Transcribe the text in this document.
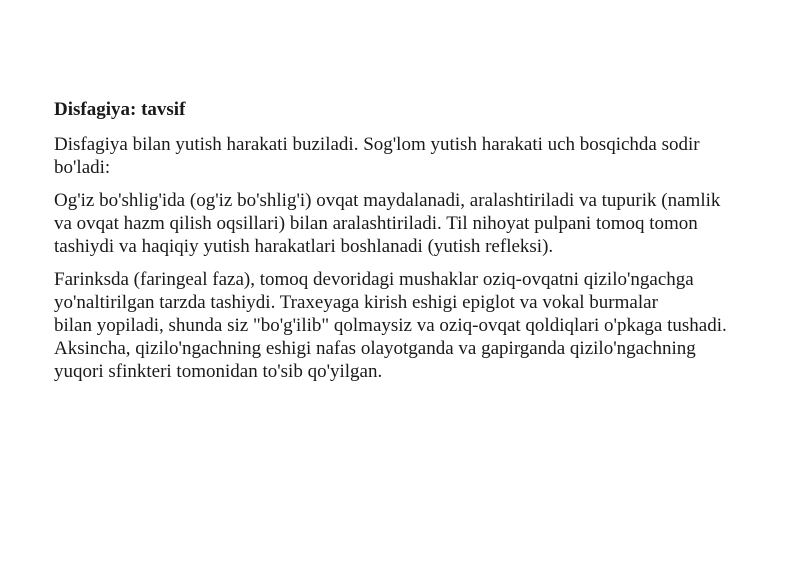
Disfagiya: tavsif

Disfagiya bilan yutish harakati buziladi. Sog'lom yutish harakati uch bosqichda sodir bo'ladi:

Og'iz bo'shlig'ida (og'iz bo'shlig'i) ovqat maydalanadi, aralashtiriladi va tupurik (namlik va ovqat hazm qilish oqsillari) bilan aralashtiriladi. Til nihoyat pulpani tomoq tomon tashiydi va haqiqiy yutish harakatlari boshlanadi (yutish refleksi).

Farinksda (faringeal faza), tomoq devoridagi mushaklar oziq-ovqatni qizilo'ngachga yo'naltirilgan tarzda tashiydi. Traxeyaga kirish eshigi epiglot va vokal burmalar

bilan yopiladi, shunda siz "bo'g'ilib" qolmaysiz va oziq-ovqat qoldiqlari o'pkaga tushadi. Aksincha, qizilo'ngachning eshigi nafas olayotganda va gapirganda qizilo'ngachning yuqori sfinkteri tomonidan to'sib qo'yilgan.
